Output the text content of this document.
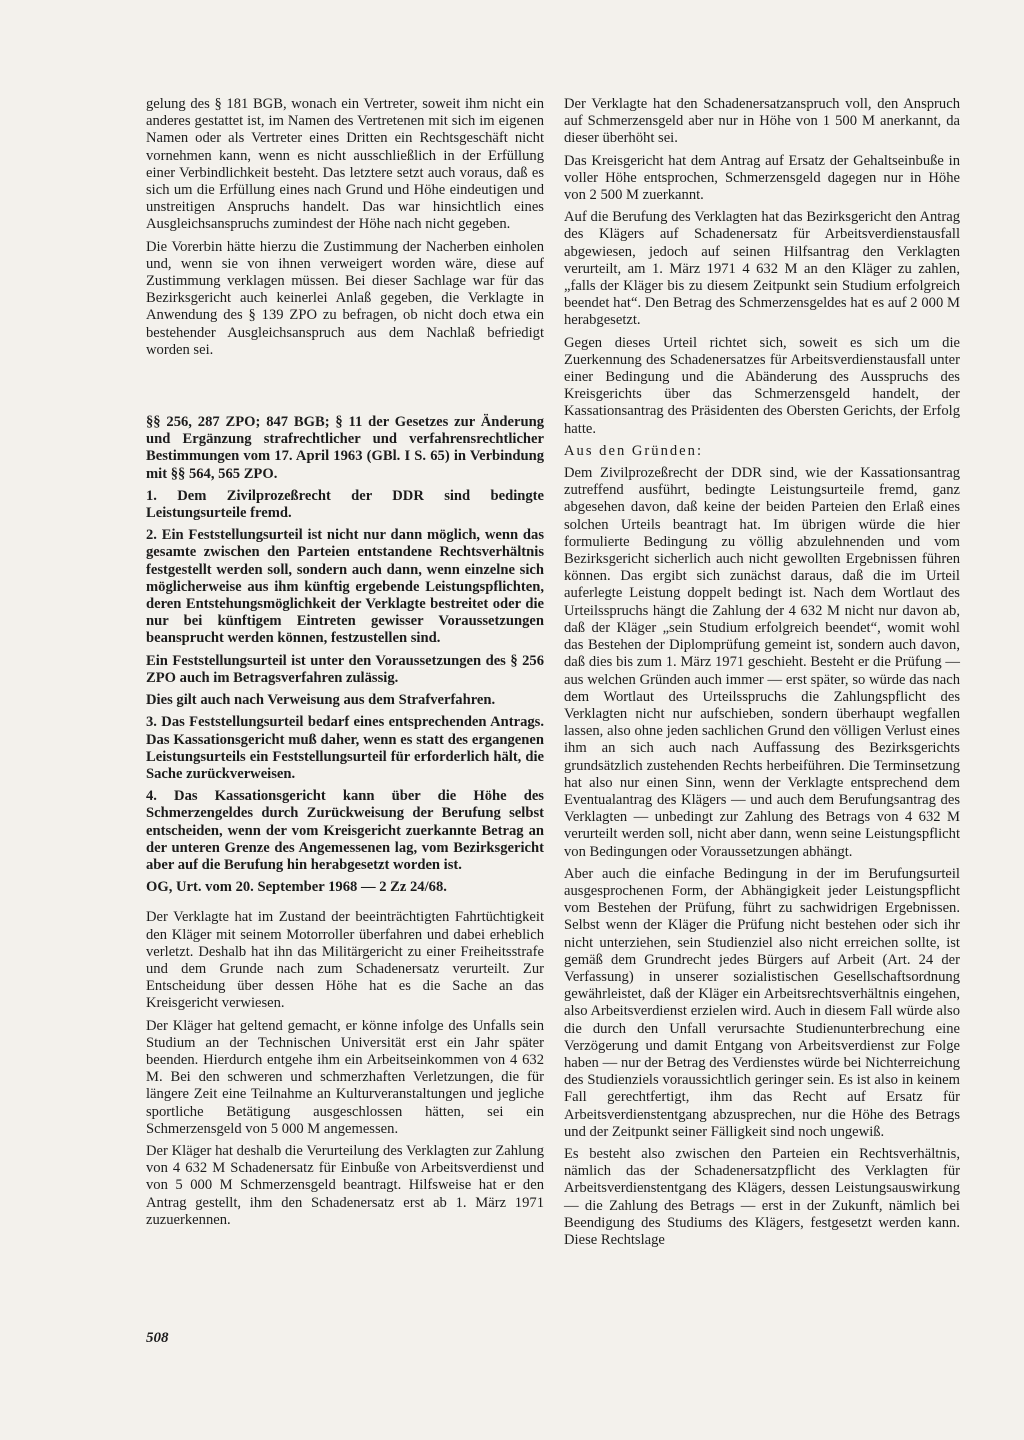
gelung des § 181 BGB, wonach ein Vertreter, soweit ihm nicht ein anderes gestattet ist, im Namen des Vertretenen mit sich im eigenen Namen oder als Vertreter eines Dritten ein Rechtsgeschäft nicht vornehmen kann, wenn es nicht ausschließlich in der Erfüllung einer Verbindlichkeit besteht. Das letztere setzt auch voraus, daß es sich um die Erfüllung eines nach Grund und Höhe eindeutigen und unstreitigen Anspruchs handelt. Das war hinsichtlich eines Ausgleichsanspruchs zumindest der Höhe nach nicht gegeben.

Die Vorerbin hätte hierzu die Zustimmung der Nacherben einholen und, wenn sie von ihnen verweigert worden wäre, diese auf Zustimmung verklagen müssen. Bei dieser Sachlage war für das Bezirksgericht auch keinerlei Anlaß gegeben, die Verklagte in Anwendung des § 139 ZPO zu befragen, ob nicht doch etwa ein bestehender Ausgleichsanspruch aus dem Nachlaß befriedigt worden sei.

§§ 256, 287 ZPO; 847 BGB; § 11 der Gesetzes zur Änderung und Ergänzung strafrechtlicher und verfahrensrechtlicher Bestimmungen vom 17. April 1963 (GBl. I S. 65) in Verbindung mit §§ 564, 565 ZPO.

1. Dem Zivilprozeßrecht der DDR sind bedingte Leistungsurteile fremd.

2. Ein Feststellungsurteil ist nicht nur dann möglich, wenn das gesamte zwischen den Parteien entstandene Rechtsverhältnis festgestellt werden soll, sondern auch dann, wenn einzelne sich möglicherweise aus ihm künftig ergebende Leistungspflichten, deren Entstehungsmöglichkeit der Verklagte bestreitet oder die nur bei künftigem Eintreten gewisser Voraussetzungen beansprucht werden können, festzustellen sind.

Ein Feststellungsurteil ist unter den Voraussetzungen des § 256 ZPO auch im Betragsverfahren zulässig.

Dies gilt auch nach Verweisung aus dem Strafverfahren.

3. Das Feststellungsurteil bedarf eines entsprechenden Antrags. Das Kassationsgericht muß daher, wenn es statt des ergangenen Leistungsurteils ein Feststellungsurteil für erforderlich hält, die Sache zurückverweisen.

4. Das Kassationsgericht kann über die Höhe des Schmerzengeldes durch Zurückweisung der Berufung selbst entscheiden, wenn der vom Kreisgericht zuerkannte Betrag an der unteren Grenze des Angemessenen lag, vom Bezirksgericht aber auf die Berufung hin herabgesetzt worden ist.

OG, Urt. vom 20. September 1968 — 2 Zz 24/68.

Der Verklagte hat im Zustand der beeinträchtigten Fahrtüchtigkeit den Kläger mit seinem Motorroller überfahren und dabei erheblich verletzt. Deshalb hat ihn das Militärgericht zu einer Freiheitsstrafe und dem Grunde nach zum Schadenersatz verurteilt. Zur Entscheidung über dessen Höhe hat es die Sache an das Kreisgericht verwiesen.

Der Kläger hat geltend gemacht, er könne infolge des Unfalls sein Studium an der Technischen Universität erst ein Jahr später beenden. Hierdurch entgehe ihm ein Arbeitseinkommen von 4 632 M. Bei den schweren und schmerzhaften Verletzungen, die für längere Zeit eine Teilnahme an Kulturveranstaltungen und jegliche sportliche Betätigung ausgeschlossen hätten, sei ein Schmerzensgeld von 5 000 M angemessen.

Der Kläger hat deshalb die Verurteilung des Verklagten zur Zahlung von 4 632 M Schadenersatz für Einbuße von Arbeitsverdienst und von 5 000 M Schmerzensgeld beantragt. Hilfsweise hat er den Antrag gestellt, ihm den Schadenersatz erst ab 1. März 1971 zuzuerkennen.

Der Verklagte hat den Schadenersatzanspruch voll, den Anspruch auf Schmerzensgeld aber nur in Höhe von 1 500 M anerkannt, da dieser überhöht sei.

Das Kreisgericht hat dem Antrag auf Ersatz der Gehaltseinbuße in voller Höhe entsprochen, Schmerzensgeld dagegen nur in Höhe von 2 500 M zuerkannt.

Auf die Berufung des Verklagten hat das Bezirksgericht den Antrag des Klägers auf Schadenersatz für Arbeitsverdienstausfall abgewiesen, jedoch auf seinen Hilfsantrag den Verklagten verurteilt, am 1. März 1971 4 632 M an den Kläger zu zahlen, „falls der Kläger bis zu diesem Zeitpunkt sein Studium erfolgreich beendet hat“. Den Betrag des Schmerzensgeldes hat es auf 2 000 M herabgesetzt.

Gegen dieses Urteil richtet sich, soweit es sich um die Zuerkennung des Schadenersatzes für Arbeitsverdienstausfall unter einer Bedingung und die Abänderung des Ausspruchs des Kreisgerichts über das Schmerzensgeld handelt, der Kassationsantrag des Präsidenten des Obersten Gerichts, der Erfolg hatte.

Aus den Gründen:

Dem Zivilprozeßrecht der DDR sind, wie der Kassationsantrag zutreffend ausführt, bedingte Leistungsurteile fremd, ganz abgesehen davon, daß keine der beiden Parteien den Erlaß eines solchen Urteils beantragt hat. Im übrigen würde die hier formulierte Bedingung zu völlig abzulehnenden und vom Bezirksgericht sicherlich auch nicht gewollten Ergebnissen führen können. Das ergibt sich zunächst daraus, daß die im Urteil auferlegte Leistung doppelt bedingt ist. Nach dem Wortlaut des Urteilsspruchs hängt die Zahlung der 4 632 M nicht nur davon ab, daß der Kläger „sein Studium erfolgreich beendet“, womit wohl das Bestehen der Diplomprüfung gemeint ist, sondern auch davon, daß dies bis zum 1. März 1971 geschieht. Besteht er die Prüfung — aus welchen Gründen auch immer — erst später, so würde das nach dem Wortlaut des Urteilsspruchs die Zahlungspflicht des Verklagten nicht nur aufschieben, sondern überhaupt wegfallen lassen, also ohne jeden sachlichen Grund den völligen Verlust eines ihm an sich auch nach Auffassung des Bezirksgerichts grundsätzlich zustehenden Rechts herbeiführen. Die Terminsetzung hat also nur einen Sinn, wenn der Verklagte entsprechend dem Eventualantrag des Klägers — und auch dem Berufungsantrag des Verklagten — unbedingt zur Zahlung des Betrags von 4 632 M verurteilt werden soll, nicht aber dann, wenn seine Leistungspflicht von Bedingungen oder Voraussetzungen abhängt.

Aber auch die einfache Bedingung in der im Berufungsurteil ausgesprochenen Form, der Abhängigkeit jeder Leistungspflicht vom Bestehen der Prüfung, führt zu sachwidrigen Ergebnissen. Selbst wenn der Kläger die Prüfung nicht bestehen oder sich ihr nicht unterziehen, sein Studienziel also nicht erreichen sollte, ist gemäß dem Grundrecht jedes Bürgers auf Arbeit (Art. 24 der Verfassung) in unserer sozialistischen Gesellschaftsordnung gewährleistet, daß der Kläger ein Arbeitsrechtsverhältnis eingehen, also Arbeitsverdienst erzielen wird. Auch in diesem Fall würde also die durch den Unfall verursachte Studienunterbrechung eine Verzögerung und damit Entgang von Arbeitsverdienst zur Folge haben — nur der Betrag des Verdienstes würde bei Nichterreichung des Studienziels voraussichtlich geringer sein. Es ist also in keinem Fall gerechtfertigt, ihm das Recht auf Ersatz für Arbeitsverdienstentgang abzusprechen, nur die Höhe des Betrags und der Zeitpunkt seiner Fälligkeit sind noch ungewiß.

Es besteht also zwischen den Parteien ein Rechtsverhältnis, nämlich das der Schadenersatzpflicht des Verklagten für Arbeitsverdienstentgang des Klägers, dessen Leistungsauswirkung — die Zahlung des Betrags — erst in der Zukunft, nämlich bei Beendigung des Studiums des Klägers, festgesetzt werden kann. Diese Rechtslage

508
